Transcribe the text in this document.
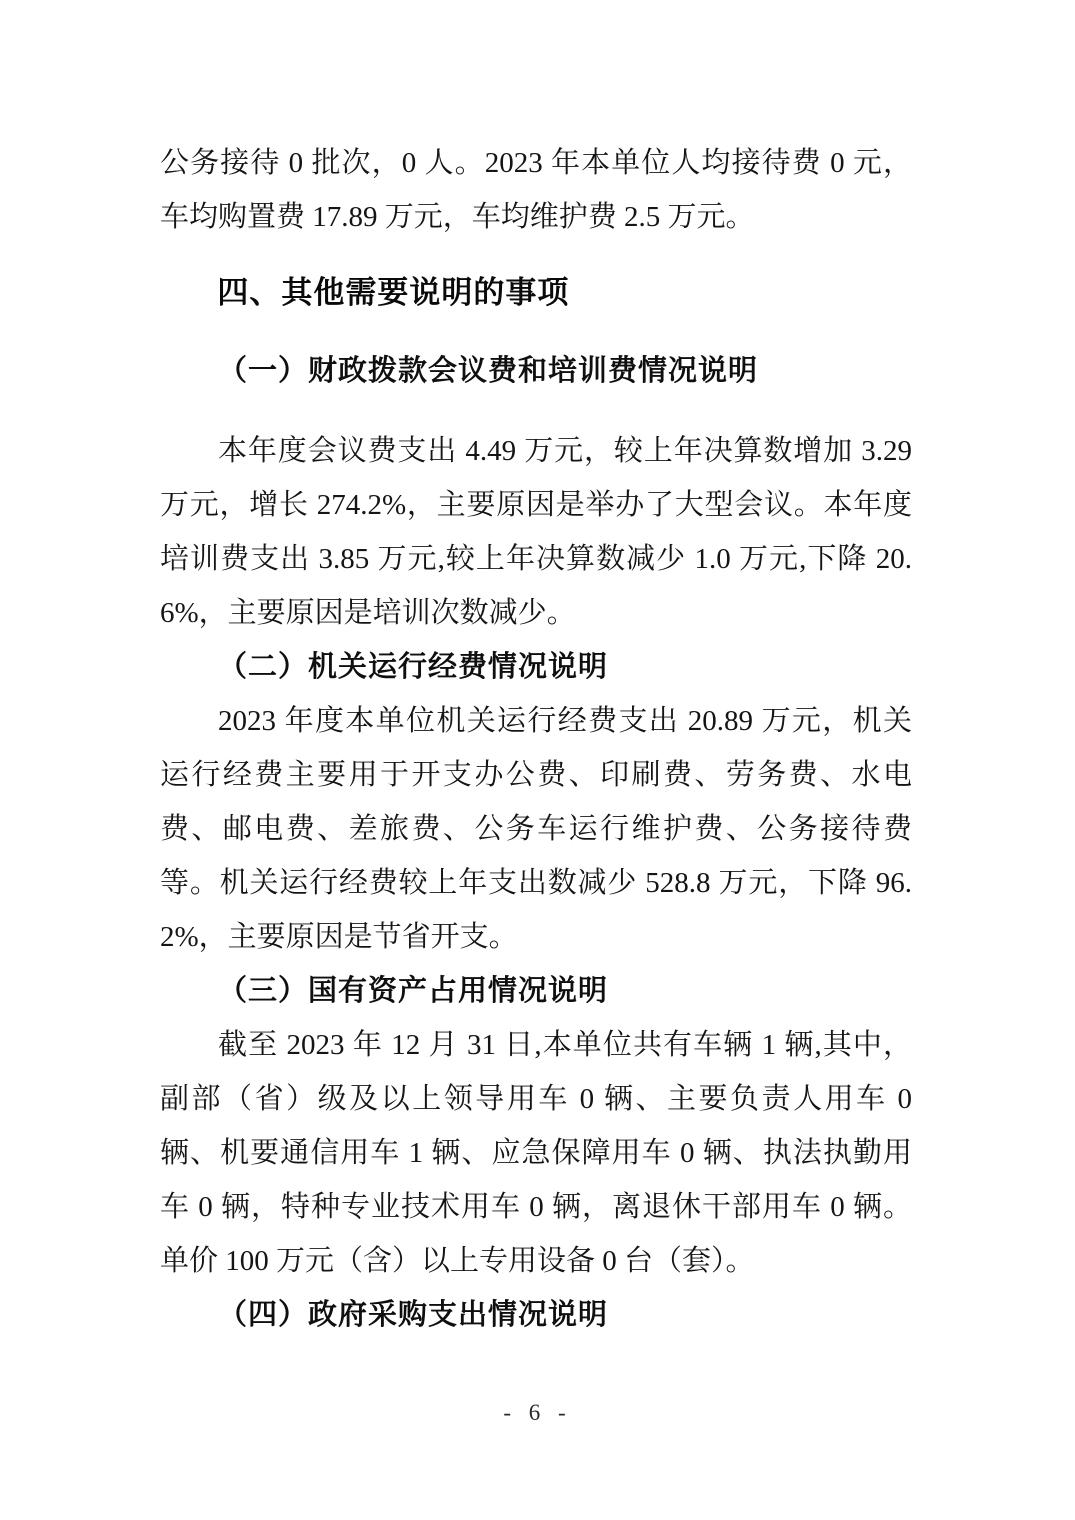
公务接待 0 批次，0 人。2023 年本单位人均接待费 0 元，车均购置费 17.89 万元，车均维护费 2.5 万元。

四、其他需要说明的事项
（一）财政拨款会议费和培训费情况说明

本年度会议费支出 4.49 万元，较上年决算数增加 3.29 万元，增长 274.2%，主要原因是举办了大型会议。本年度培训费支出 3.85 万元,较上年决算数减少 1.0 万元,下降 20.6%，主要原因是培训次数减少。

（二）机关运行经费情况说明

2023 年度本单位机关运行经费支出 20.89 万元，机关运行经费主要用于开支办公费、印刷费、劳务费、水电费、邮电费、差旅费、公务车运行维护费、公务接待费等。机关运行经费较上年支出数减少 528.8 万元，下降 96.2%，主要原因是节省开支。

（三）国有资产占用情况说明

截至 2023 年 12 月 31 日,本单位共有车辆 1 辆,其中，副部（省）级及以上领导用车 0 辆、主要负责人用车 0 辆、机要通信用车 1 辆、应急保障用车 0 辆、执法执勤用车 0 辆，特种专业技术用车 0 辆，离退休干部用车 0 辆。单价 100 万元（含）以上专用设备 0 台（套）。

（四）政府采购支出情况说明
- 6 -
